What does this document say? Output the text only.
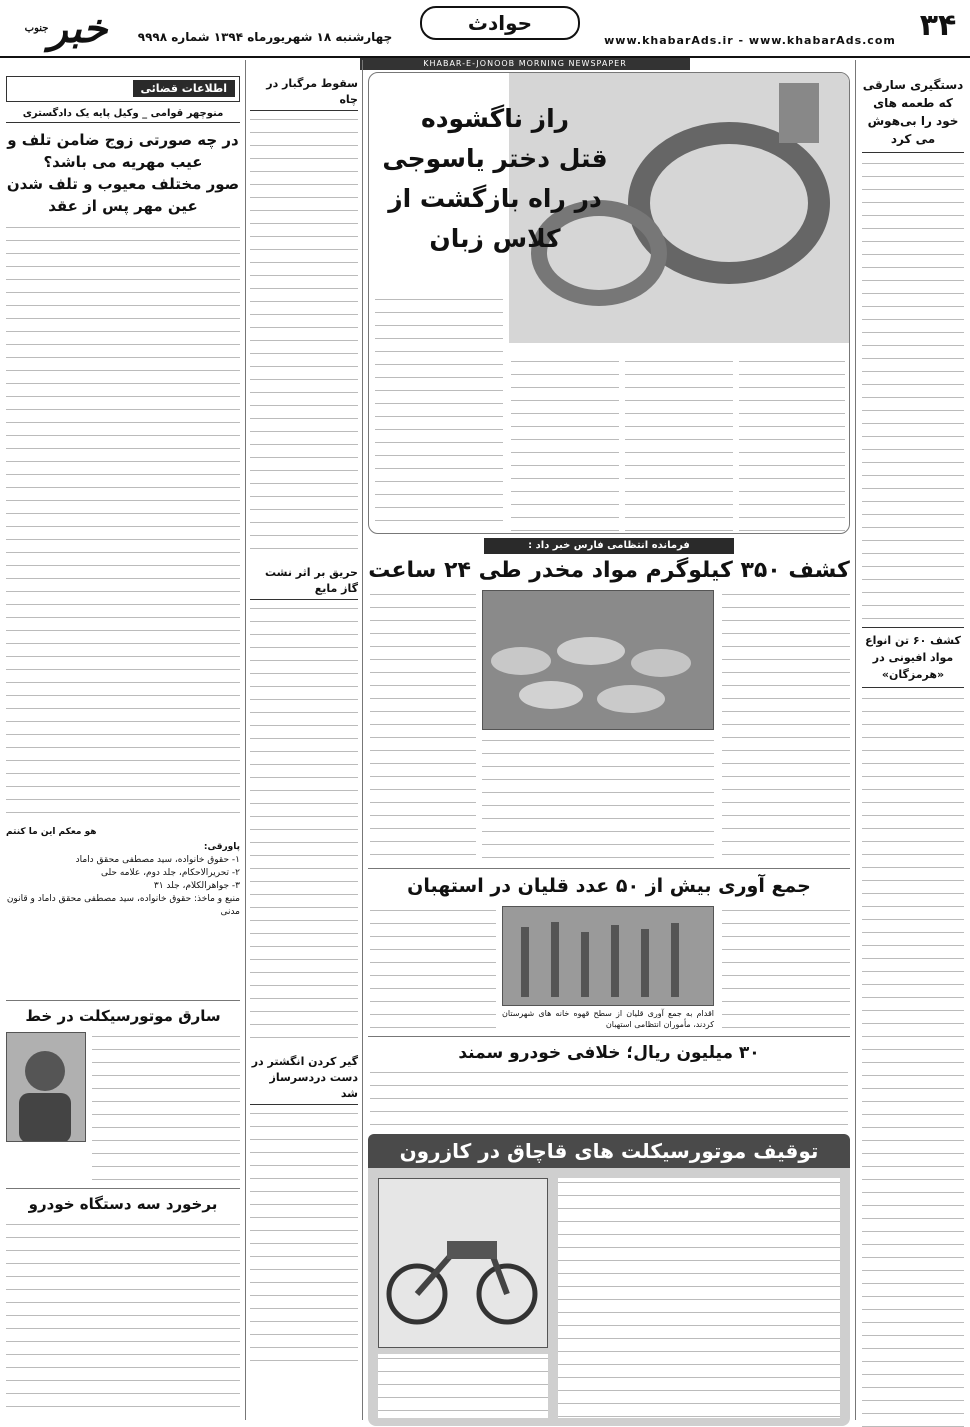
خبر$^{جنوب}$
چهارشنبه ۱۸ شهریورماه ۱۳۹۴ شماره ۹۹۹۸
حوادث
www.khabarAds.ir - www.khabarAds.com ۳۴
KHABAR-E-JONOOB MORNING NEWSPAPER
دستگیری سارقی که طعمه های خود را بی‌هوش می کرد
کشف ۶۰ تن انواع مواد افیونی در «هرمزگان»
راز ناگشوده
قتل دختر یاسوجی
در راه بازگشت از
کلاس زبان
فرمانده انتظامی فارس خبر داد :
کشف ۳۵۰ کیلوگرم مواد مخدر طی ۲۴ ساعت
جمع آوری بیش از ۵۰ عدد قلیان در استهبان
اقدام به جمع آوری قلیان از سطح قهوه خانه های شهرستان کردند، مأموران انتظامی استهبان
۳۰ میلیون ریال؛ خلافی خودرو سمند
توقیف موتورسیکلت های قاچاق در کازرون
سقوط مرگبار در چاه
حریق بر اثر نشت گاز مایع
گیر کردن انگشتر در دست دردسرساز شد
اطلاعات قضائی
منوچهر قوامی _ وکیل پایه یک دادگستری
در چه صورتی زوج ضامن تلف و عیب مهریه می باشد؟
صور مختلف معیوب و تلف شدن عین مهر پس از عقد
هو معکم این ما کنتم
پاورقی:
۱- حقوق خانواده، سید مصطفی محقق داماد
۲- تحریرالاحکام، جلد دوم، علامه حلی
۳- جواهرالکلام، جلد ۳۱
منبع و ماخذ: حقوق خانواده، سید مصطفی محقق داماد و قانون مدنی
سارق موتورسیکلت در خط
برخورد سه دستگاه خودرو
